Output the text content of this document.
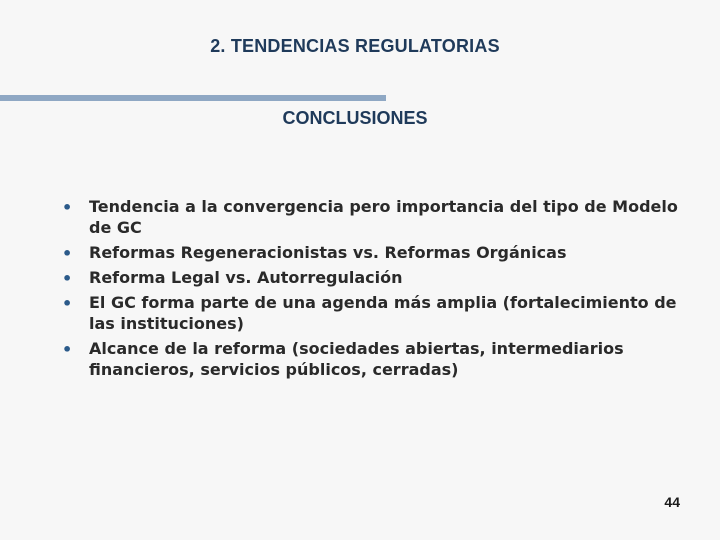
2. TENDENCIAS REGULATORIAS
CONCLUSIONES
• Tendencia a la convergencia pero importancia del tipo de Modelo de GC
• Reformas Regeneracionistas vs. Reformas Orgánicas
• Reforma Legal vs. Autorregulación
• El GC forma parte de una agenda más amplia (fortalecimiento de las instituciones)
• Alcance de la reforma (sociedades abiertas, intermediarios financieros, servicios públicos, cerradas)
44
